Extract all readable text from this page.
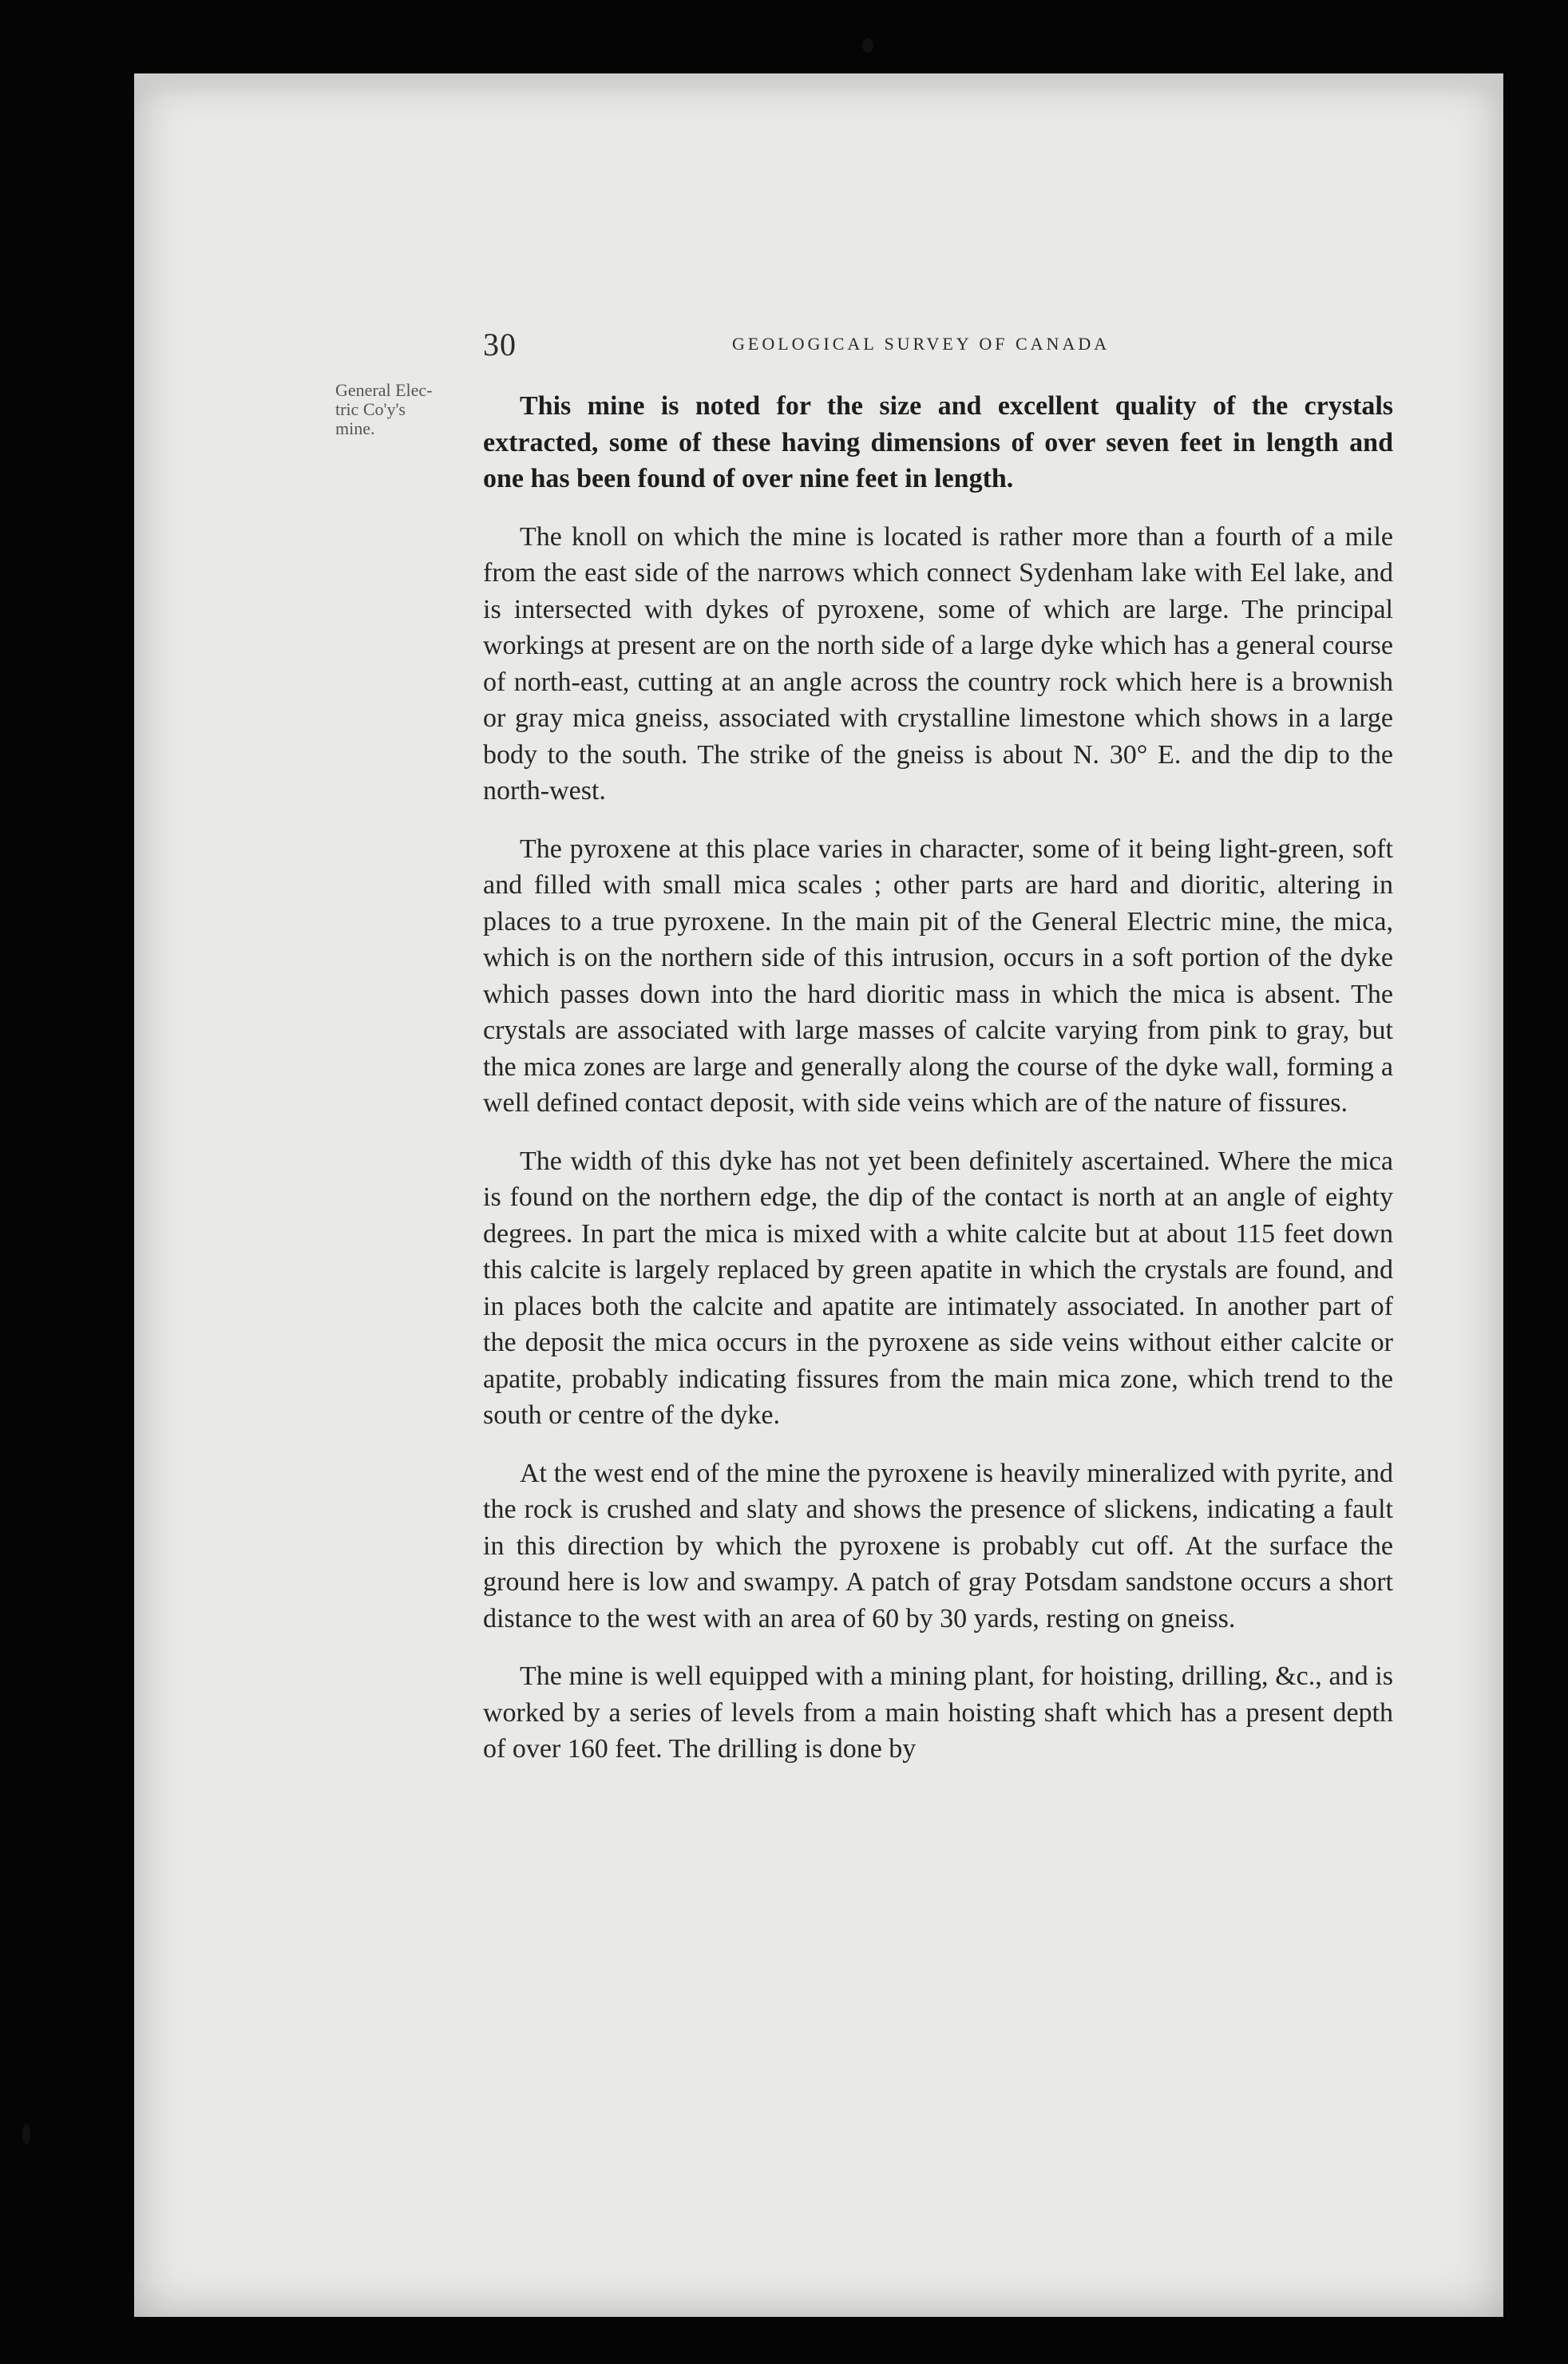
30	GEOLOGICAL SURVEY OF CANADA
General Elec-
tric Co'y's
mine.

This mine is noted for the size and excellent quality of the crystals extracted, some of these having dimensions of over seven feet in length and one has been found of over nine feet in length.

The knoll on which the mine is located is rather more than a fourth of a mile from the east side of the narrows which connect Sydenham lake with Eel lake, and is intersected with dykes of pyroxene, some of which are large. The principal workings at present are on the north side of a large dyke which has a general course of north-east, cutting at an angle across the country rock which here is a brownish or gray mica gneiss, associated with crystalline limestone which shows in a large body to the south. The strike of the gneiss is about N. 30° E. and the dip to the north-west.

The pyroxene at this place varies in character, some of it being light-green, soft and filled with small mica scales ; other parts are hard and dioritic, altering in places to a true pyroxene. In the main pit of the General Electric mine, the mica, which is on the northern side of this intrusion, occurs in a soft portion of the dyke which passes down into the hard dioritic mass in which the mica is absent. The crystals are associated with large masses of calcite varying from pink to gray, but the mica zones are large and generally along the course of the dyke wall, forming a well defined contact deposit, with side veins which are of the nature of fissures.

The width of this dyke has not yet been definitely ascertained. Where the mica is found on the northern edge, the dip of the contact is north at an angle of eighty degrees. In part the mica is mixed with a white calcite but at about 115 feet down this calcite is largely replaced by green apatite in which the crystals are found, and in places both the calcite and apatite are intimately associated. In another part of the deposit the mica occurs in the pyroxene as side veins without either calcite or apatite, probably indicating fissures from the main mica zone, which trend to the south or centre of the dyke.

At the west end of the mine the pyroxene is heavily mineralized with pyrite, and the rock is crushed and slaty and shows the presence of slickens, indicating a fault in this direction by which the pyroxene is probably cut off. At the surface the ground here is low and swampy. A patch of gray Potsdam sandstone occurs a short distance to the west with an area of 60 by 30 yards, resting on gneiss.

The mine is well equipped with a mining plant, for hoisting, drilling, &c., and is worked by a series of levels from a main hoisting shaft which has a present depth of over 160 feet. The drilling is done by
